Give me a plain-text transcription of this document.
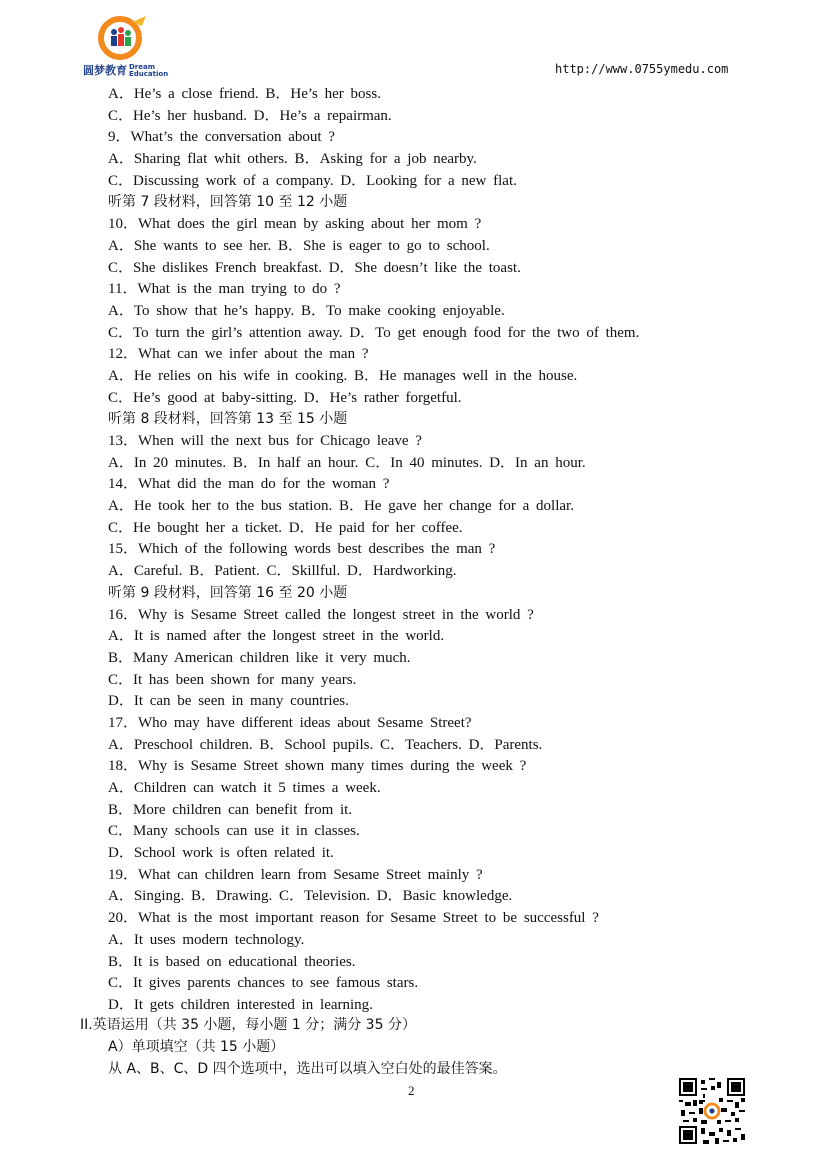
圆梦教育 Dream
Education	http://www.0755ymedu.com
A．He’s a close friend. B．He’s her boss.
C．He’s her husband. D．He’s a repairman.
9．What’s the conversation about ?
A．Sharing flat whit others. B．Asking for a job nearby.
C．Discussing work of a company. D．Looking for a new flat.
听第 7 段材料，回答第 10 至 12 小题
10．What does the girl mean by asking about her mom ?
A．She wants to see her. B．She is eager to go to school.
C．She dislikes French breakfast. D．She doesn’t like the toast.
11．What is the man trying to do ?
A．To show that he’s happy. B．To make cooking enjoyable.
C．To turn the girl’s attention away. D．To get enough food for the two of them.
12．What can we infer about the man ?
A．He relies on his wife in cooking. B．He manages well in the house.
C．He’s good at baby-sitting. D．He’s rather forgetful.
听第 8 段材料，回答第 13 至 15 小题
13．When will the next bus for Chicago leave ?
A．In 20 minutes. B．In half an hour. C．In 40 minutes. D．In an hour.
14．What did the man do for the woman ?
A．He took her to the bus station. B．He gave her change for a dollar.
C．He bought her a ticket. D．He paid for her coffee.
15．Which of the following words best describes the man ?
A．Careful. B．Patient. C．Skillful. D．Hardworking.
听第 9 段材料，回答第 16 至 20 小题
16．Why is Sesame Street called the longest street in the world ?
A．It is named after the longest street in the world.
B．Many American children like it very much.
C．It has been shown for many years.
D．It can be seen in many countries.
17．Who may have different ideas about Sesame Street?
A．Preschool children. B．School pupils. C．Teachers. D．Parents.
18．Why is Sesame Street shown many times during the week ?
A．Children can watch it 5 times a week.
B．More children can benefit from it.
C．Many schools can use it in classes.
D．School work is often related it.
19．What can children learn from Sesame Street mainly ?
A．Singing. B．Drawing. C．Television. D．Basic knowledge.
20．What is the most important reason for Sesame Street to be successful ?
A．It uses modern technology.
B．It is based on educational theories.
C．It gives parents chances to see famous stars.
D．It gets children interested in learning.
II.英语运用（共 35 小题，每小题 1 分；满分 35 分）
A）单项填空（共 15 小题）
从 A、B、C、D 四个选项中，选出可以填入空白处的最佳答案。
2
